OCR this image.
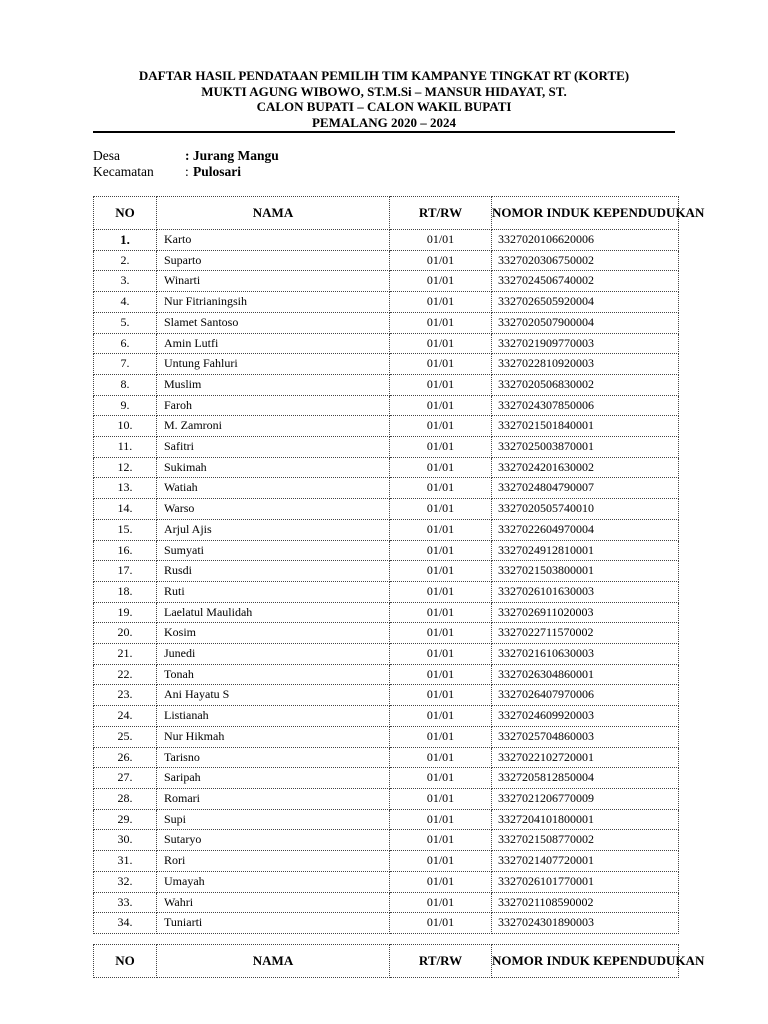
DAFTAR HASIL PENDATAAN PEMILIH TIM KAMPANYE TINGKAT RT (KORTE)
MUKTI AGUNG WIBOWO, ST.M.Si – MANSUR HIDAYAT, ST.
CALON BUPATI – CALON WAKIL BUPATI
PEMALANG 2020 – 2024
Desa	: Jurang Mangu
Kecamatan	: Pulosari
NO	NAMA	RT/RW	NOMOR INDUK KEPENDUDUKAN
1.	Karto	01/01	3327020106620006
2.	Suparto	01/01	3327020306750002
3.	Winarti	01/01	3327024506740002
4.	Nur Fitrianingsih	01/01	3327026505920004
5.	Slamet Santoso	01/01	3327020507900004
6.	Amin Lutfi	01/01	3327021909770003
7.	Untung Fahluri	01/01	3327022810920003
8.	Muslim	01/01	3327020506830002
9.	Faroh	01/01	3327024307850006
10.	M. Zamroni	01/01	3327021501840001
11.	Safitri	01/01	3327025003870001
12.	Sukimah	01/01	3327024201630002
13.	Watiah	01/01	3327024804790007
14.	Warso	01/01	3327020505740010
15.	Arjul Ajis	01/01	3327022604970004
16.	Sumyati	01/01	3327024912810001
17.	Rusdi	01/01	3327021503800001
18.	Ruti	01/01	3327026101630003
19.	Laelatul Maulidah	01/01	3327026911020003
20.	Kosim	01/01	3327022711570002
21.	Junedi	01/01	3327021610630003
22.	Tonah	01/01	3327026304860001
23.	Ani Hayatu S	01/01	3327026407970006
24.	Listianah	01/01	3327024609920003
25.	Nur Hikmah	01/01	3327025704860003
26.	Tarisno	01/01	3327022102720001
27.	Saripah	01/01	3327205812850004
28.	Romari	01/01	3327021206770009
29.	Supi	01/01	3327204101800001
30.	Sutaryo	01/01	3327021508770002
31.	Rori	01/01	3327021407720001
32.	Umayah	01/01	3327026101770001
33.	Wahri	01/01	3327021108590002
34.	Tuniarti	01/01	3327024301890003
NO	NAMA	RT/RW	NOMOR INDUK KEPENDUDUKAN
